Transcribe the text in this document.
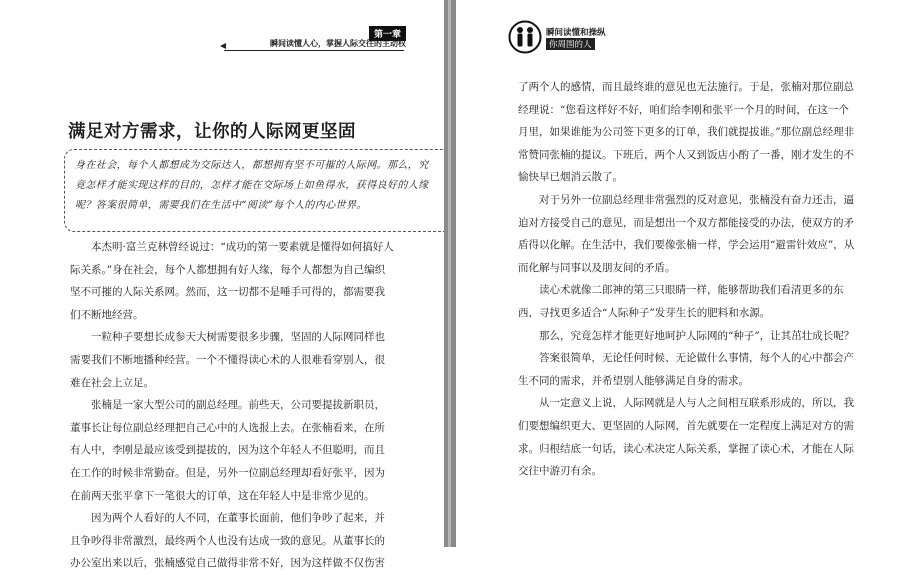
第一章
瞬间读懂人心，掌握人际交往的主动权
满足对方需求，让你的人际网更坚固

身在社会，每个人都想成为交际达人，都想拥有坚不可摧的人际网。那么，究竟怎样才能实现这样的目的，怎样才能在交际场上如鱼得水，获得良好的人缘呢？答案很简单，需要我们在生活中“阅读”每个人的内心世界。

本杰明·富兰克林曾经说过：“成功的第一要素就是懂得如何搞好人际关系。”身在社会，每个人都想拥有好人缘，每个人都想为自己编织坚不可摧的人际关系网。然而，这一切都不是唾手可得的，都需要我们不断地经营。

一粒种子要想长成参天大树需要很多步骤，坚固的人际网同样也需要我们不断地播种经营。一个不懂得读心术的人很难看穿别人，很难在社会上立足。

张楠是一家大型公司的副总经理。前些天，公司要提拔新职员，董事长让每位副总经理把自己心中的人选报上去。在张楠看来，在所有人中，李刚是最应该受到提拔的，因为这个年轻人不但聪明，而且在工作的时候非常勤奋。但是，另外一位副总经理却看好张平，因为在前两天张平拿下一笔很大的订单，这在年轻人中是非常少见的。

因为两个人看好的人不同，在董事长面前，他们争吵了起来，并且争吵得非常激烈，最终两个人也没有达成一致的意见。从董事长的办公室出来以后，张楠感觉自己做得非常不好，因为这样做不仅伤害

瞬间读懂和操纵
你周围的人

了两个人的感情，而且最终谁的意见也无法施行。于是，张楠对那位副总经理说：“您看这样好不好，咱们给李刚和张平一个月的时间，在这一个月里，如果谁能为公司签下更多的订单，我们就提拔谁。”那位副总经理非常赞同张楠的提议。下班后，两个人又到饭店小酌了一番，刚才发生的不愉快早已烟消云散了。

对于另外一位副总经理非常强烈的反对意见，张楠没有奋力还击，逼迫对方接受自己的意见，而是想出一个双方都能接受的办法，使双方的矛盾得以化解。在生活中，我们要像张楠一样，学会运用“避雷针效应”，从而化解与同事以及朋友间的矛盾。

读心术就像二郎神的第三只眼睛一样，能够帮助我们看清更多的东西，寻找更多适合“人际种子”发芽生长的肥料和水源。

那么，究竟怎样才能更好地呵护人际网的“种子”，让其茁壮成长呢？

答案很简单，无论任何时候、无论做什么事情，每个人的心中都会产生不同的需求，并希望别人能够满足自身的需求。

从一定意义上说，人际网就是人与人之间相互联系形成的，所以，我们要想编织更大、更坚固的人际网，首先就要在一定程度上满足对方的需求。归根结底一句话，读心术决定人际关系，掌握了读心术，才能在人际交往中游刃有余。
